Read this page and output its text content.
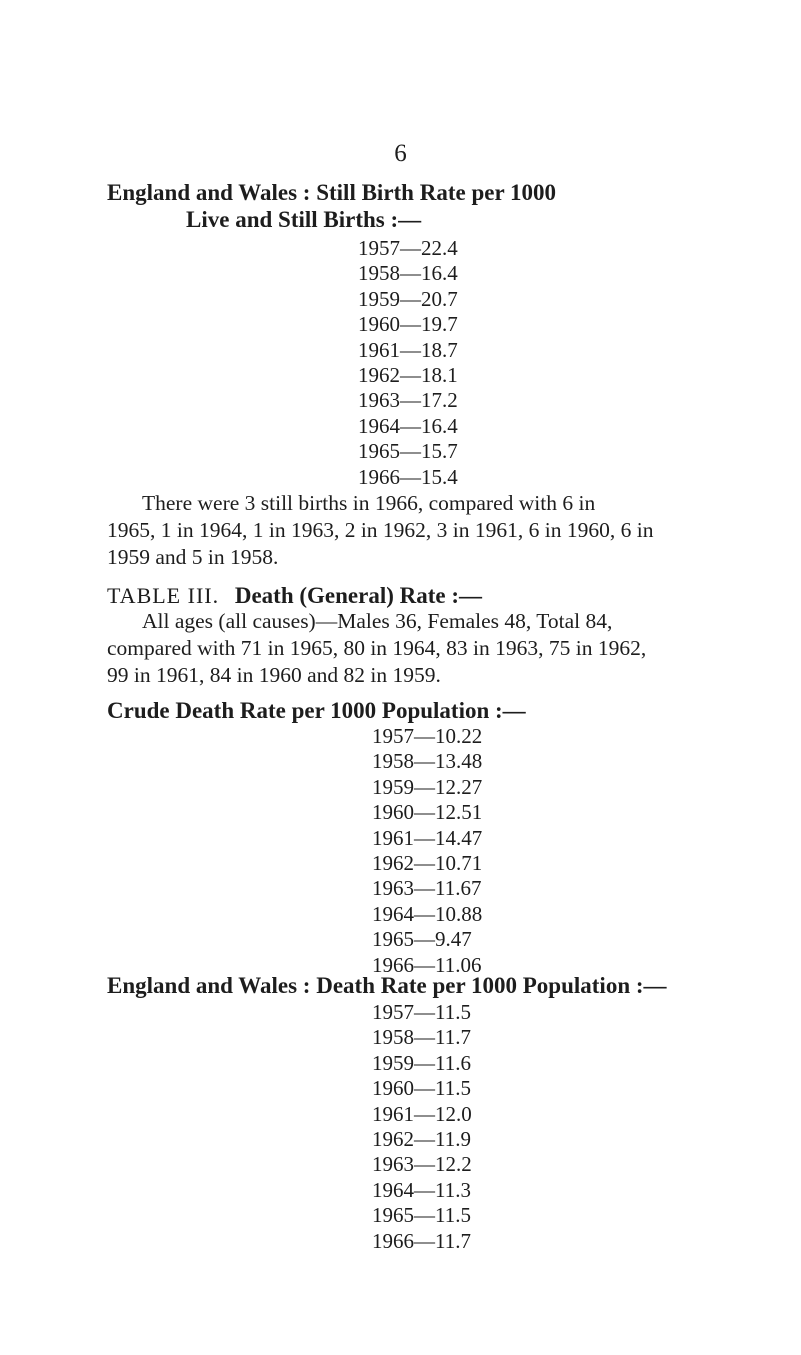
6
England and Wales : Still Birth Rate per 1000
Live and Still Births :—
1957—22.4
1958—16.4
1959—20.7
1960—19.7
1961—18.7
1962—18.1
1963—17.2
1964—16.4
1965—15.7
1966—15.4
There were 3 still births in 1966, compared with 6 in
1965, 1 in 1964, 1 in 1963, 2 in 1962, 3 in 1961, 6 in 1960, 6 in
1959 and 5 in 1958.
TABLE III. Death (General) Rate :—
All ages (all causes)—Males 36, Females 48, Total 84,
compared with 71 in 1965, 80 in 1964, 83 in 1963, 75 in 1962,
99 in 1961, 84 in 1960 and 82 in 1959.
Crude Death Rate per 1000 Population :—
1957—10.22
1958—13.48
1959—12.27
1960—12.51
1961—14.47
1962—10.71
1963—11.67
1964—10.88
1965—9.47
1966—11.06
England and Wales : Death Rate per 1000 Population :—
1957—11.5
1958—11.7
1959—11.6
1960—11.5
1961—12.0
1962—11.9
1963—12.2
1964—11.3
1965—11.5
1966—11.7
